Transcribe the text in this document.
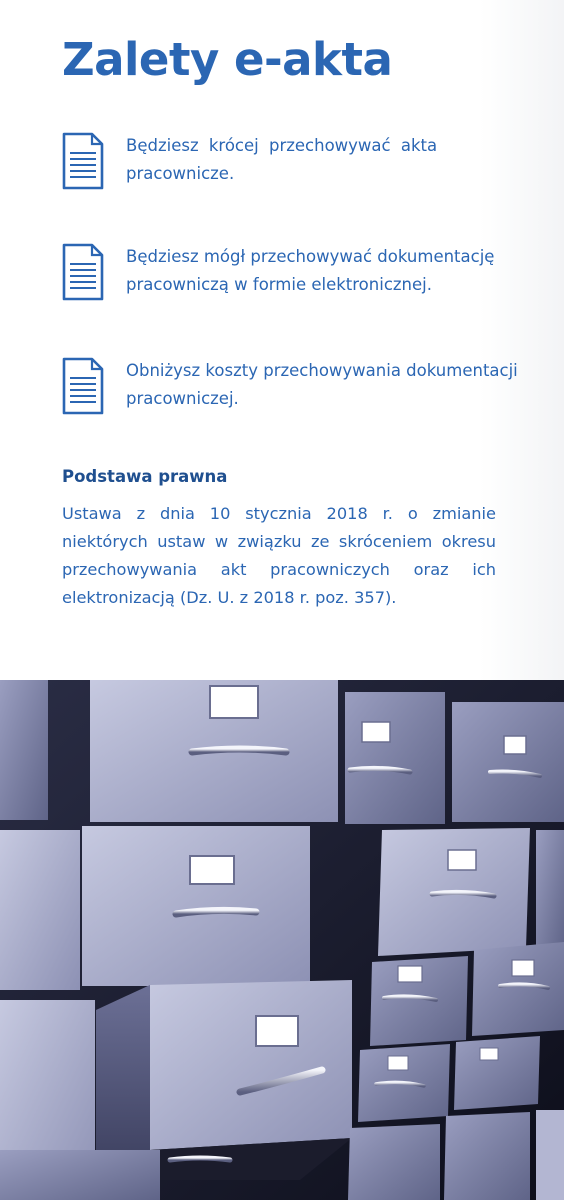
Zalety e-akta
Będziesz krócej przechowywać akta pracownicze.
Będziesz mógł przechowywać dokumentację pracowniczą w formie elektronicznej.
Obniżysz koszty przechowywania dokumentacji pracowniczej.
Podstawa prawna

Ustawa z dnia 10 stycznia 2018 r. o zmianie niektórych ustaw w związku ze skróceniem okresu przechowywania akt pracowniczych oraz ich elektronizacją (Dz. U. z 2018 r. poz. 357).
